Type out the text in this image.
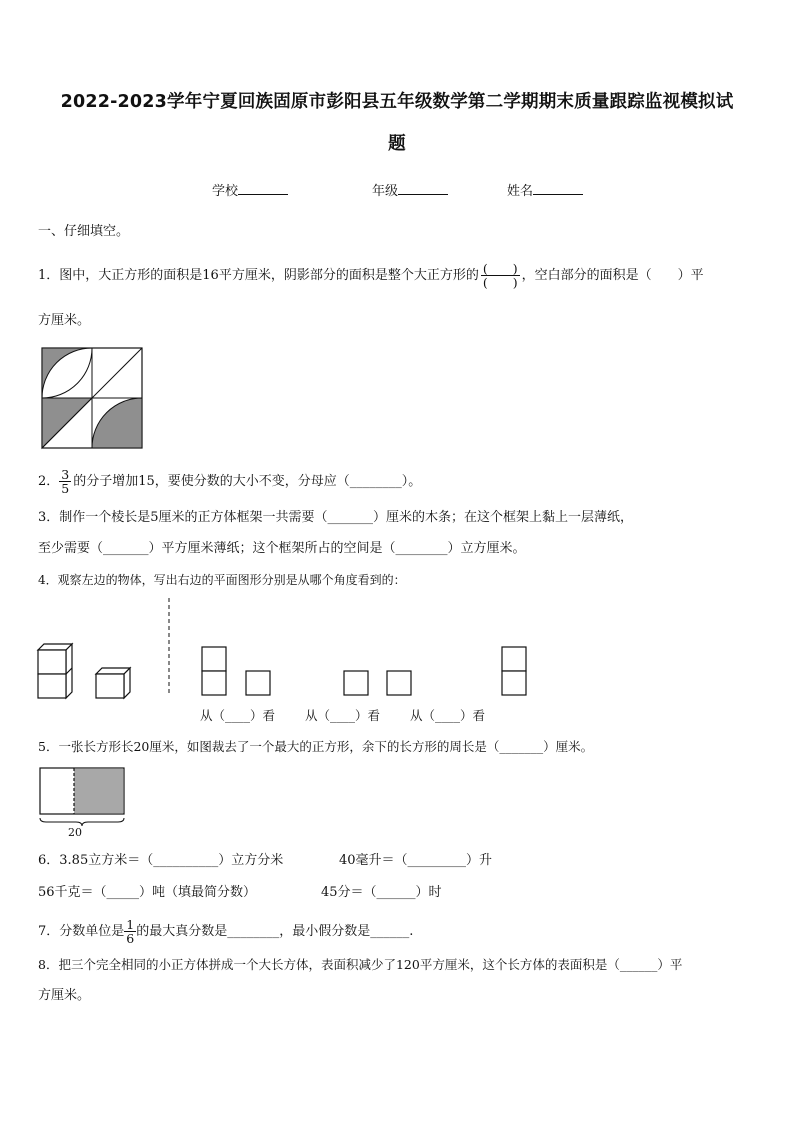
2022-2023学年宁夏回族固原市彭阳县五年级数学第二学期期末质量跟踪监视模拟试
题
学校	年级	姓名
一、仔细填空。
1．图中，大正方形的面积是16平方厘米，阴影部分的面积是整个大正方形的 $\frac{( )}{( )}$ ，空白部分的面积是（　　）平
方厘米。
2． $\frac{3}{5}$ 的分子增加15，要使分数的大小不变，分母应（________）。
3．制作一个棱长是5厘米的正方体框架一共需要（_______）厘米的木条；在这个框架上黏上一层薄纸，
至少需要（_______）平方厘米薄纸；这个框架所占的空间是（________）立方厘米。
4．观察左边的物体，写出右边的平面图形分别是从哪个角度看到的：
从（____）看 从（____）看 从（____）看
5．一张长方形长20厘米，如图裁去了一个最大的正方形，余下的长方形的周长是（_______）厘米。
20
6．3.85立方米＝（__________）立方分米	40毫升＝（_________）升
56千克＝（_____）吨（填最简分数）	45分＝（______）时
7．分数单位是 $\frac{1}{6}$ 的最大真分数是________，最小假分数是______.
8．把三个完全相同的小正方体拼成一个大长方体，表面积减少了120平方厘米，这个长方体的表面积是（______）平
方厘米。
